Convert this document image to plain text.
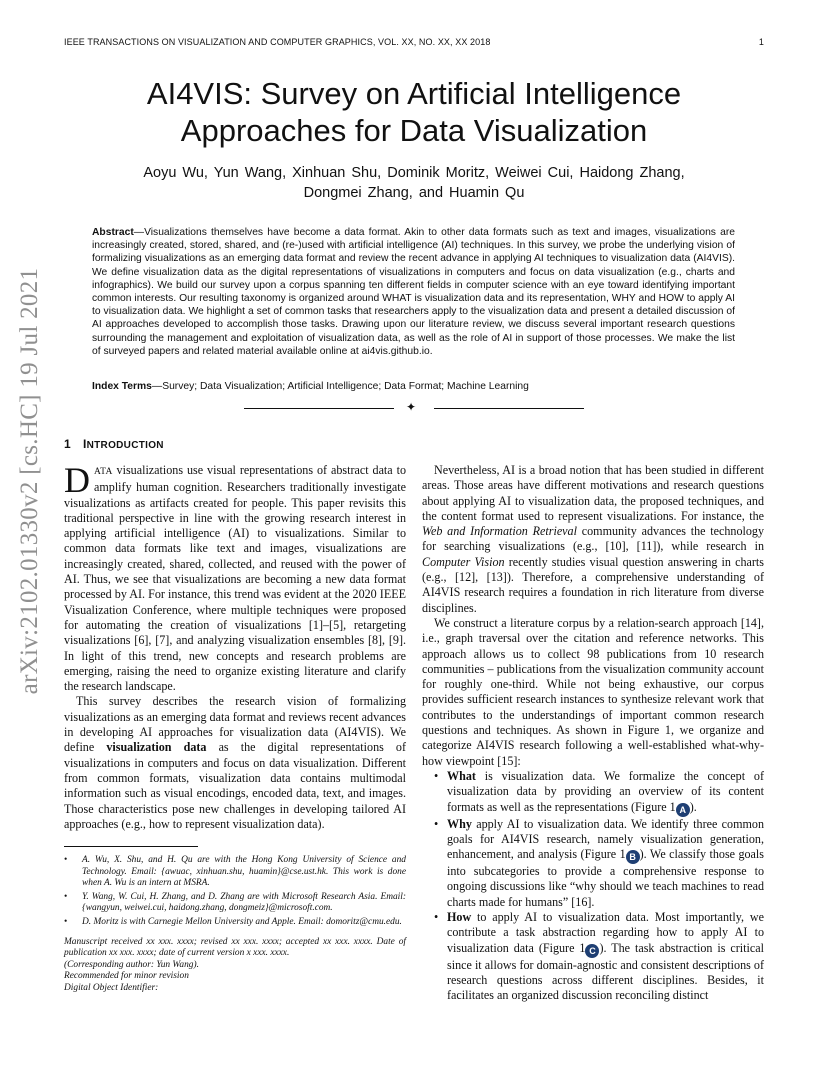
IEEE TRANSACTIONS ON VISUALIZATION AND COMPUTER GRAPHICS, VOL. XX, NO. XX, XX 2018	1
arXiv:2102.01330v2 [cs.HC] 19 Jul 2021
AI4VIS: Survey on Artificial Intelligence
Approaches for Data Visualization

Aoyu Wu, Yun Wang, Xinhuan Shu, Dominik Moritz, Weiwei Cui, Haidong Zhang,
Dongmei Zhang, and Huamin Qu

Abstract—Visualizations themselves have become a data format. Akin to other data formats such as text and images, visualizations are increasingly created, stored, shared, and (re-)used with artificial intelligence (AI) techniques. In this survey, we probe the underlying vision of formalizing visualizations as an emerging data format and review the recent advance in applying AI techniques to visualization data (AI4VIS). We define visualization data as the digital representations of visualizations in computers and focus on data visualization (e.g., charts and infographics). We build our survey upon a corpus spanning ten different fields in computer science with an eye toward identifying important common interests. Our resulting taxonomy is organized around WHAT is visualization data and its representation, WHY and HOW to apply AI to visualization data. We highlight a set of common tasks that researchers apply to the visualization data and present a detailed discussion of AI approaches developed to accomplish those tasks. Drawing upon our literature review, we discuss several important research questions surrounding the management and exploitation of visualization data, as well as the role of AI in support of those processes. We make the list of surveyed papers and related material available online at ai4vis.github.io.

Index Terms—Survey; Data Visualization; Artificial Intelligence; Data Format; Machine Learning

✦
1 INTRODUCTION

DATA visualizations use visual representations of abstract data to amplify human cognition. Researchers traditionally investigate visualizations as artifacts created for people. This paper revisits this traditional perspective in line with the growing research interest in applying artificial intelligence (AI) to visualizations. Similar to common data formats like text and images, visualizations are increasingly created, shared, collected, and reused with the power of AI. Thus, we see that visualizations are becoming a new data format processed by AI. For instance, this trend was evident at the 2020 IEEE Visualization Conference, where multiple techniques were proposed for automating the creation of visualizations [1]–[5], retargeting visualizations [6], [7], and analyzing visualization ensembles [8], [9]. In light of this trend, new concepts and research problems are emerging, raising the need to organize existing literature and clarify the research landscape.

This survey describes the research vision of formalizing visualizations as an emerging data format and reviews recent advances in developing AI approaches for visualization data (AI4VIS). We define visualization data as the digital representations of visualizations in computers and focus on data visualization. Different from common formats, visualization data contains multimodal information such as visual encodings, encoded data, text, and images. Those characteristics pose new challenges in developing tailored AI approaches (e.g., how to represent visualization data).

• A. Wu, X. Shu, and H. Qu are with the Hong Kong University of Science and Technology. Email: {awuac, xinhuan.shu, huamin}@cse.ust.hk. This work is done when A. Wu is an intern at MSRA.
• Y. Wang, W. Cui, H. Zhang, and D. Zhang are with Microsoft Research Asia. Email: {wangyun, weiwei.cui, haidong.zhang, dongmeiz}@microsoft.com.
• D. Moritz is with Carnegie Mellon University and Apple. Email: domoritz@cmu.edu.
Manuscript received xx xxx. xxxx; revised xx xxx. xxxx; accepted xx xxx. xxxx. Date of publication xx xxx. xxxx; date of current version x xxx. xxxx.
(Corresponding author: Yun Wang).
Recommended for minor revision
Digital Object Identifier:

Nevertheless, AI is a broad notion that has been studied in different areas. Those areas have different motivations and research questions about applying AI to visualization data, the proposed techniques, and the content format used to represent visualizations. For instance, the Web and Information Retrieval community advances the technology for searching visualizations (e.g., [10], [11]), while research in Computer Vision recently studies visual question answering in charts (e.g., [12], [13]). Therefore, a comprehensive understanding of AI4VIS research requires a foundation in rich literature from diverse disciplines.

We construct a literature corpus by a relation-search approach [14], i.e., graph traversal over the citation and reference networks. This approach allows us to collect 98 publications from 10 research communities – publications from the visualization community account for roughly one-third. While not being exhaustive, our corpus provides sufficient research instances to synthesize relevant work that contributes to the understandings of important common research questions and techniques. As shown in Figure 1, we organize and categorize AI4VIS research following a well-established what-why-how viewpoint [15]:

• What is visualization data. We formalize the concept of visualization data by providing an overview of its content formats as well as the representations (Figure 1 A ).
• Why apply AI to visualization data. We identify three common goals for AI4VIS research, namely visualization generation, enhancement, and analysis (Figure 1 B ). We classify those goals into subcategories to provide a comprehensive response to ongoing discussions like “why should we teach machines to read charts made for humans” [16].
• How to apply AI to visualization data. Most importantly, we contribute a task abstraction regarding how to apply AI to visualization data (Figure 1 C ). The task abstraction is critical since it allows for domain-agnostic and consistent descriptions of research questions across different disciplines. Besides, it facilitates an organized discussion reconciling distinct
